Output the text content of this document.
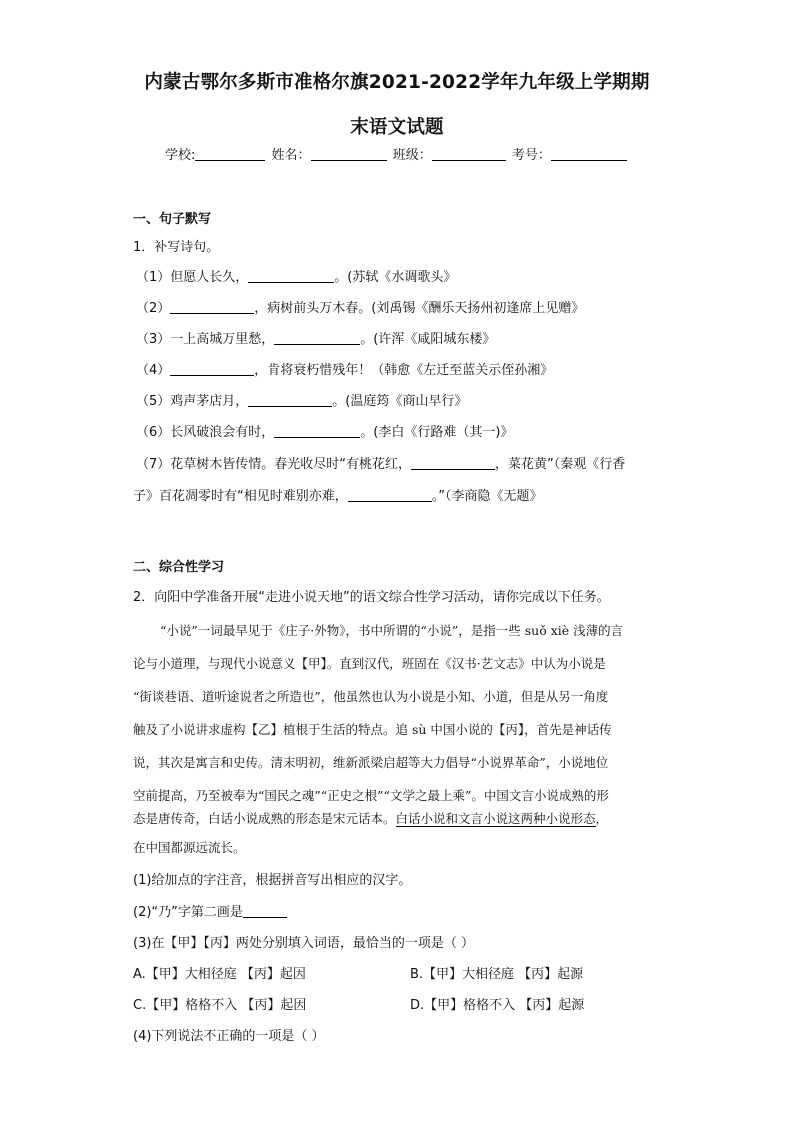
内蒙古鄂尔多斯市准格尔旗2021-2022学年九年级上学期期
末语文试题
学校:	姓名：	班级：	考号：
一、句子默写
1．补写诗句。
（1）但愿人长久，	。(苏轼《水调歌头》
（2）	，病树前头万木春。(刘禹锡《酬乐天扬州初逢席上见赠》
（3）一上高城万里愁，	。(许浑《咸阳城东楼》
（4）	，肯将衰朽惜残年！（韩愈《左迁至蓝关示侄孙湘》
（5）鸡声茅店月，	。(温庭筠《商山早行》
（6）长风破浪会有时，	。(李白《行路难（其一)》
（7）花草树木皆传情。春光收尽时“有桃花红，	，菜花黄”（秦观《行香
子》百花凋零时有“相见时难别亦难，	。”（李商隐《无题》
二、综合性学习
2．向阳中学准备开展“走进小说天地”的语文综合性学习活动，请你完成以下任务。
“小说”一词最早见于《庄子·外物》，书中所谓的“小说”，是指一些 suǒ xiè 浅薄的言
论与小道理，与现代小说意义【甲】。直到汉代，班固在《汉书·艺文志》中认为小说是
“街谈巷语、道听途说者之所造也”，他虽然也认为小说是小知、小道，但是从另一角度
触及了小说讲求虚构【乙】植根于生活的特点。追 sù 中国小说的【丙】，首先是神话传
说，其次是寓言和史传。清末明初，维新派梁启超等大力倡导“小说界革命”，小说地位
空前提高，乃至被奉为“国民之魂”“正史之根”“文学之最上乘”。中国文言小说成熟的形
态是唐传奇，白话小说成熟的形态是宋元话本。白话小说和文言小说这两种小说形态，
在中国都源远流长。
(1)给加点的字注音，根据拼音写出相应的汉字。
(2)“乃”字第二画是
(3)在【甲】【丙】两处分别填入词语，最恰当的一项是（ ）
A.【甲】大相径庭 【丙】起因	B.【甲】大相径庭 【丙】起源
C.【甲】格格不入 【丙】起因	D.【甲】格格不入 【丙】起源
(4)下列说法不正确的一项是（ ）
